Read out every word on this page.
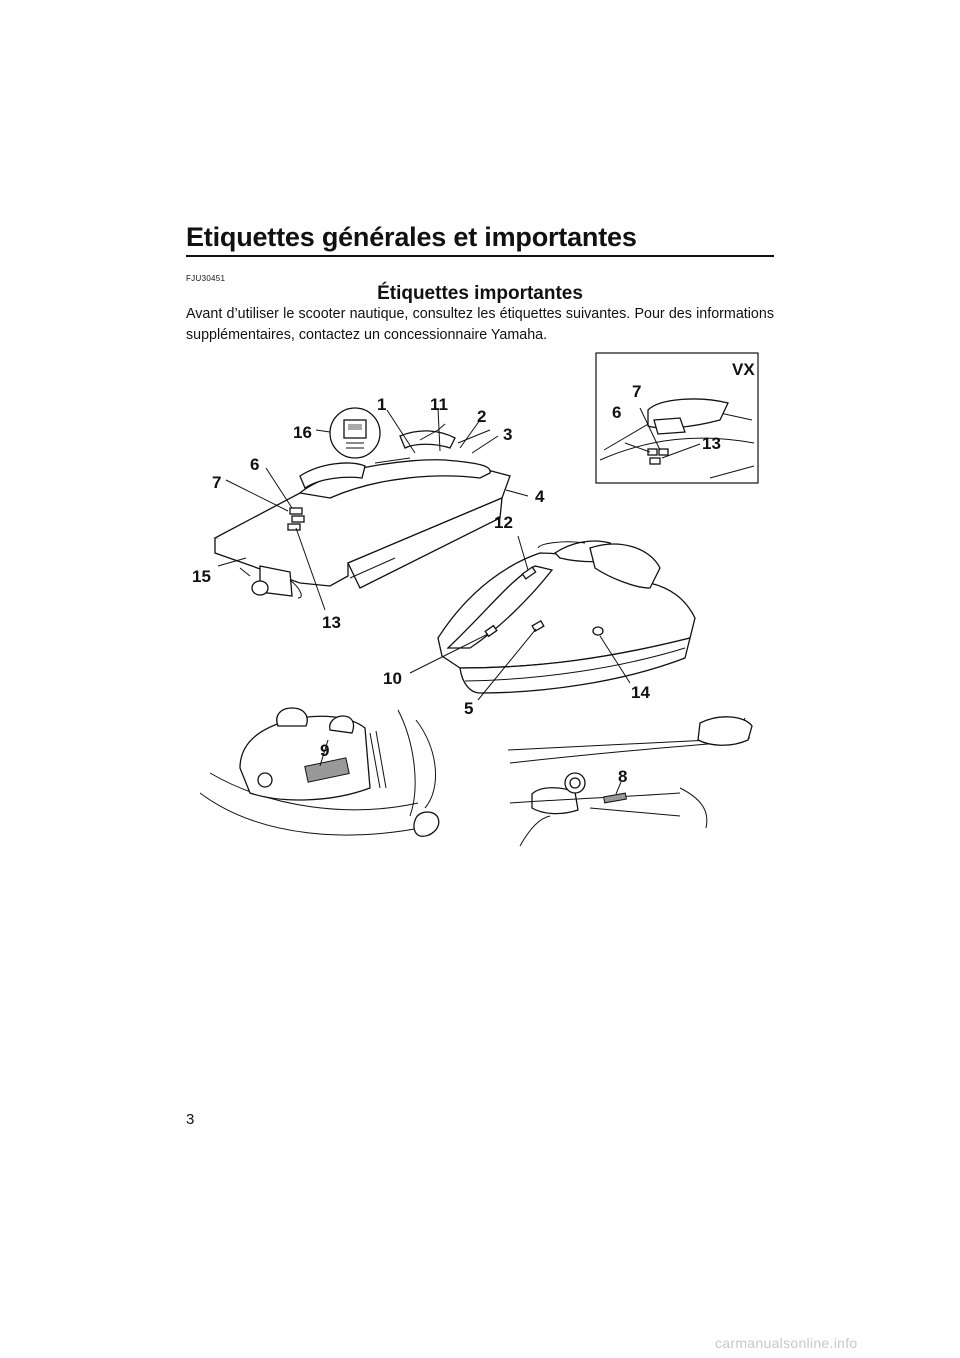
Etiquettes générales et importantes
FJU30451
Étiquettes importantes

Avant d’utiliser le scooter nautique, consultez les étiquettes suivantes. Pour des informations supplémentaires, contactez un concessionnaire Yamaha.

VX
7
6
13
16
1	11
2
3
4
6
7
15
13
12
10
5
14
9
8
3
carmanualsonline.info
